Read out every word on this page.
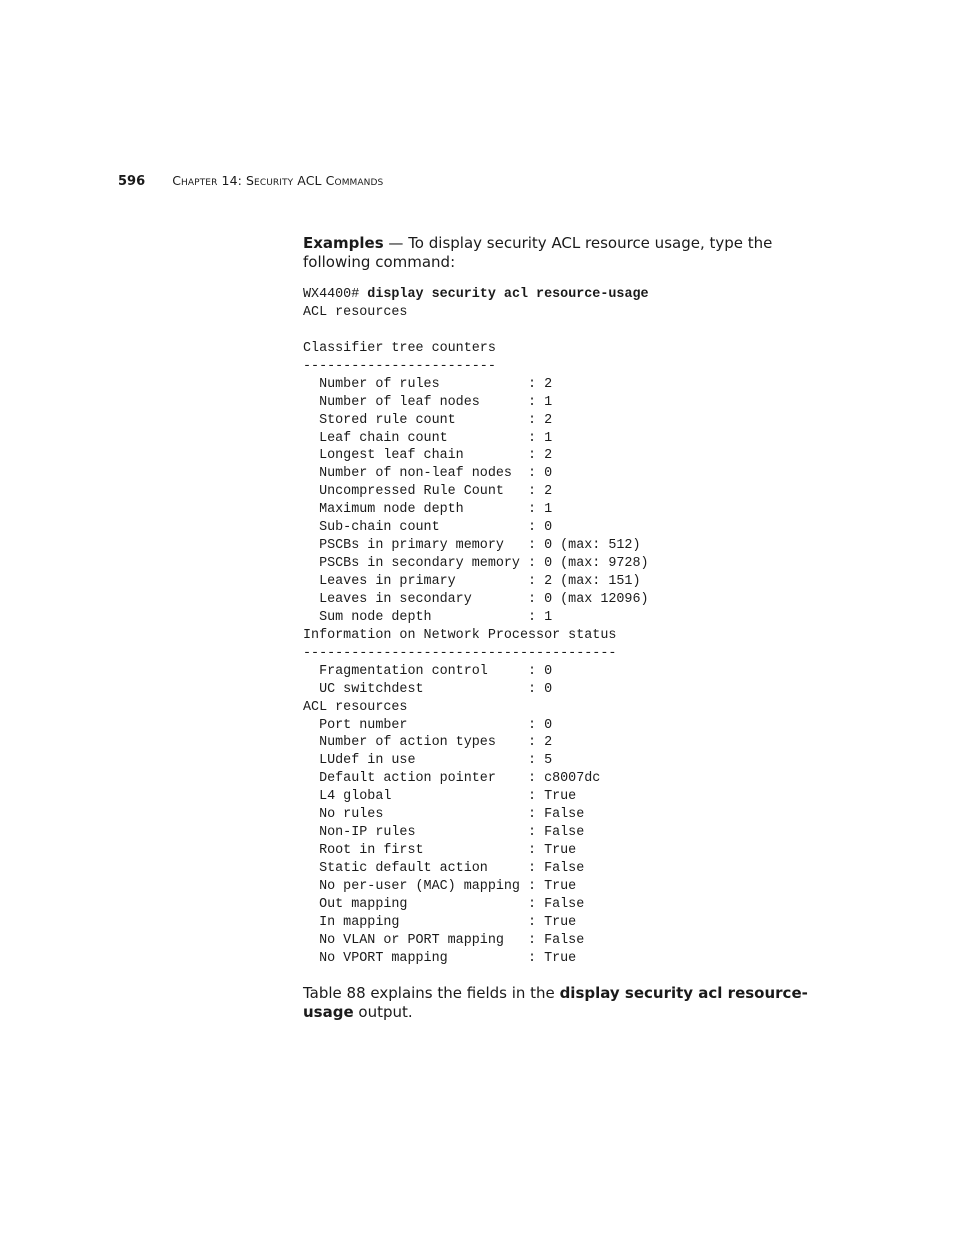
596 Chapter 14: Security ACL Commands

Examples — To display security ACL resource usage, type the following command:

WX4400# display security acl resource-usage
ACL resources
Classifier tree counters
------------------------
Number of rules           : 2
Number of leaf nodes      : 1
Stored rule count         : 2
Leaf chain count          : 1
Longest leaf chain        : 2
Number of non-leaf nodes  : 0
Uncompressed Rule Count   : 2
Maximum node depth        : 1
Sub-chain count           : 0
PSCBs in primary memory   : 0 (max: 512)
PSCBs in secondary memory : 0 (max: 9728)
Leaves in primary         : 2 (max: 151)
Leaves in secondary       : 0 (max 12096)
Sum node depth            : 1
Information on Network Processor status
---------------------------------------
Fragmentation control     : 0
UC switchdest             : 0
ACL resources
Port number               : 0
Number of action types    : 2
LUdef in use              : 5
Default action pointer    : c8007dc
L4 global                 : True
No rules                  : False
Non-IP rules              : False
Root in first             : True
Static default action     : False
No per-user (MAC) mapping : True
Out mapping               : False
In mapping                : True
No VLAN or PORT mapping   : False
No VPORT mapping          : True

Table 88 explains the fields in the display security acl resource-usage output.
